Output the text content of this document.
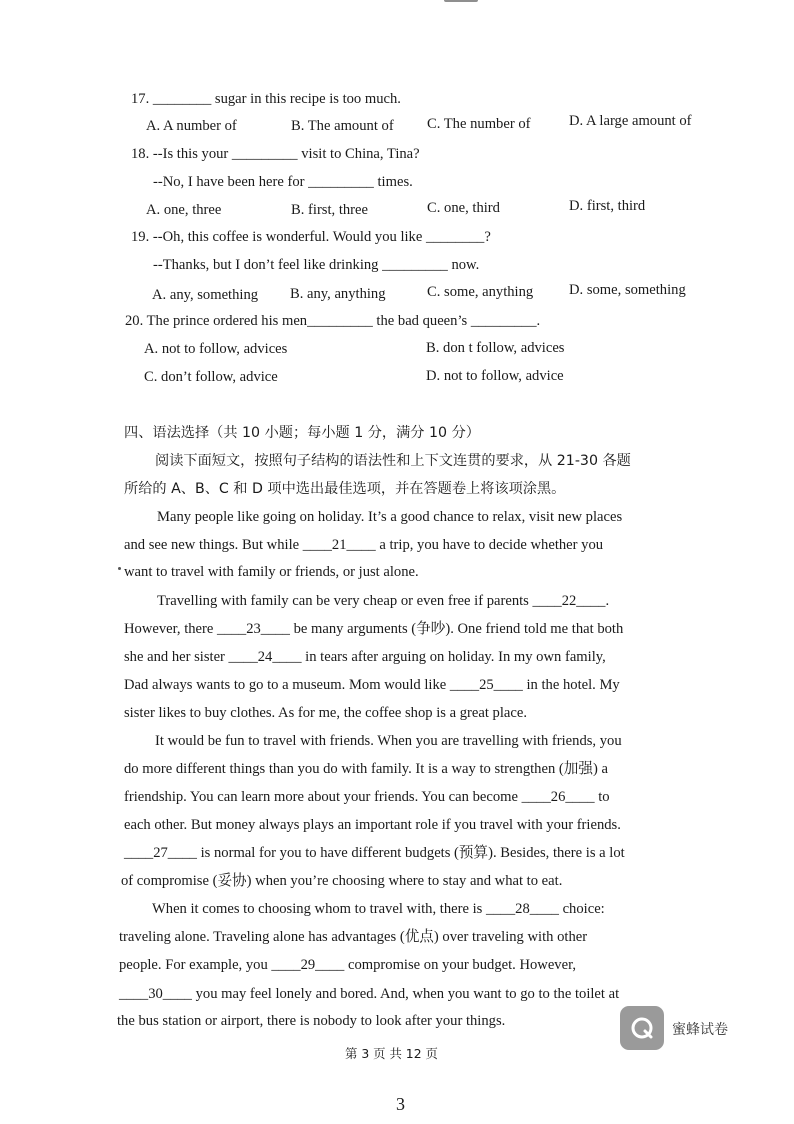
17. ________ sugar in this recipe is too much.
A. A number of	B. The amount of C. The number of	D. A large amount of
18. --Is this your _________ visit to China, Tina?
--No, I have been here for _________ times.
A. one, three	B. first, three	C. one, third	D. first, third
19. --Oh, this coffee is wonderful. Would you like ________?
--Thanks, but I don’t feel like drinking _________ now.
A. any, something B. any, anything	C. some, anything D. some, something
20. The prince ordered his men_________ the bad queen’s _________.
A. not to follow, advices	B. don t follow, advices
C. don’t follow, advice	D. not to follow, advice
四、语法选择（共 10 小题；每小题 1 分，满分 10 分）
阅读下面短文，按照句子结构的语法性和上下文连贯的要求，从 21-30 各题
所给的 A、B、C 和 D 项中选出最佳选项，并在答题卷上将该项涂黑。
Many people like going on holiday. It’s a good chance to relax, visit new places
and see new things. But while ____21____ a trip, you have to decide whether you
want to travel with family or friends, or just alone.
Travelling with family can be very cheap or even free if parents ____22____.
However, there ____23____ be many arguments (争吵). One friend told me that both
she and her sister ____24____ in tears after arguing on holiday. In my own family,
Dad always wants to go to a museum. Mom would like ____25____ in the hotel. My
sister likes to buy clothes. As for me, the coffee shop is a great place.
It would be fun to travel with friends. When you are travelling with friends, you
do more different things than you do with family. It is a way to strengthen (加强) a
friendship. You can learn more about your friends. You can become ____26____ to
each other. But money always plays an important role if you travel with your friends.
____27____ is normal for you to have different budgets (预算). Besides, there is a lot
of compromise (妥协) when you’re choosing where to stay and what to eat.
When it comes to choosing whom to travel with, there is ____28____ choice:
traveling alone. Traveling alone has advantages (优点) over traveling with other
people. For example, you ____29____ compromise on your budget. However,
____30____ you may feel lonely and bored. And, when you want to go to the toilet at
the bus station or airport, there is nobody to look after your things.
蜜蜂试卷
第 3 页 共 12 页
3
